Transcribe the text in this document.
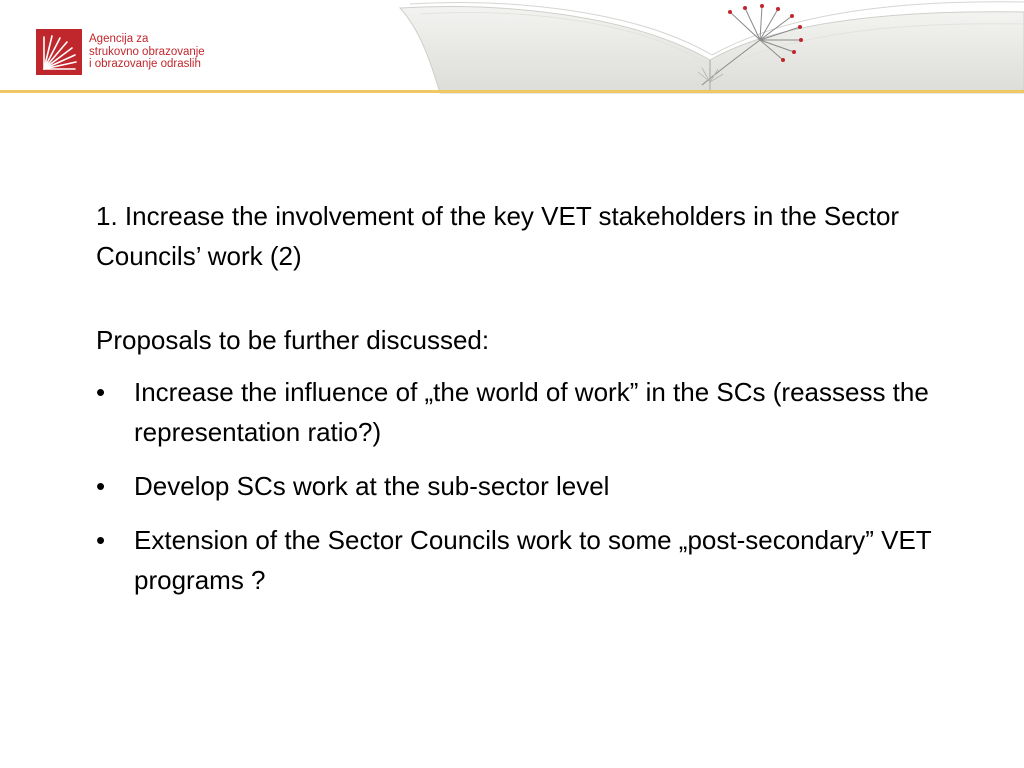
Agencija za
strukovno obrazovanje
i obrazovanje odraslih

1. Increase the involvement of the key VET stakeholders in the Sector Councils’ work (2)

Proposals to be further discussed:

• Increase the influence of „the world of work” in the SCs (reassess the representation ratio?)
• Develop SCs work at the sub-sector level
• Extension of the Sector Councils work to some „post-secondary” VET programs ?
